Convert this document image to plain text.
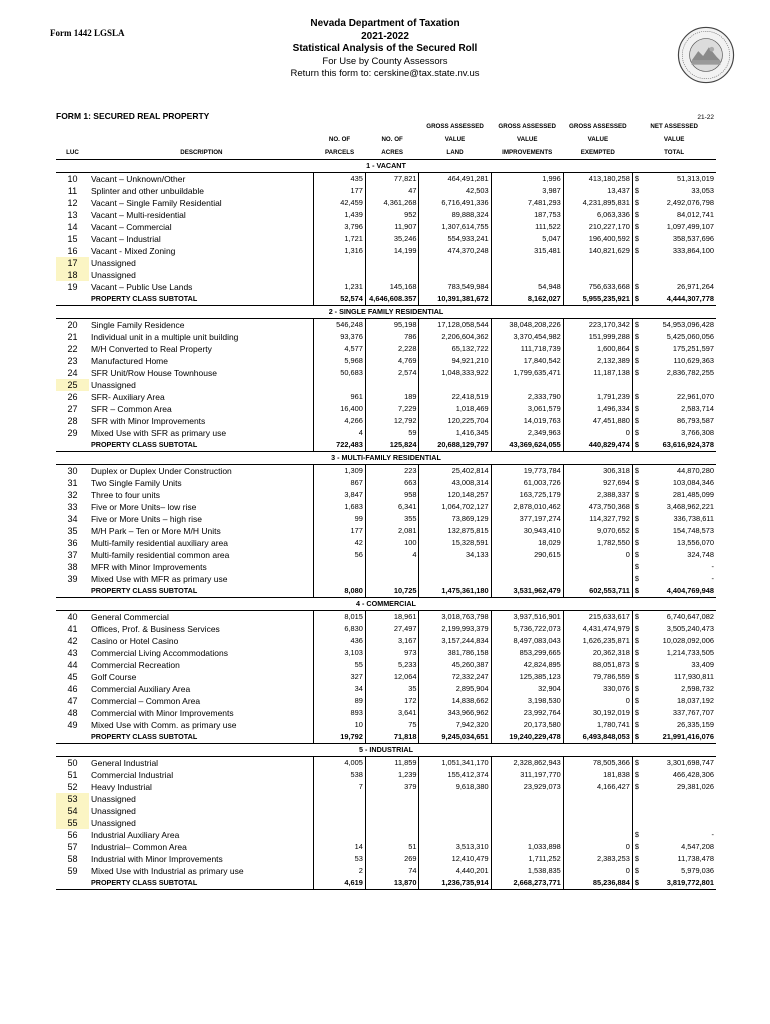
Form 1442 LGSLA
Nevada Department of Taxation
2021-2022
Statistical Analysis of the Secured Roll
For Use by County Assessors
Return this form to: cerskine@tax.state.nv.us
FORM 1: SECURED REAL PROPERTY	21-22
				GROSS ASSESSED	GROSS ASSESSED	GROSS ASSESSED	NET ASSESSED	
		NO. OF	NO. OF	VALUE	VALUE	VALUE	VALUE	
LUC	DESCRIPTION	PARCELS	ACRES	LAND	IMPROVEMENTS	EXEMPTED	TOTAL	
1 - VACANT								
10	Vacant – Unknown/Other	435	77,821	464,491,281	1,996	413,180,258	$	51,313,019
11	Splinter and other unbuildable	177	47	42,503	3,987	13,437	$	33,053
12	Vacant – Single Family Residential	42,459	4,361,268	6,716,491,336	7,481,293	4,231,895,831	$	2,492,076,798
13	Vacant – Multi-residential	1,439	952	89,888,324	187,753	6,063,336	$	84,012,741
14	Vacant – Commercial	3,796	11,907	1,307,614,755	111,522	210,227,170	$	1,097,499,107
15	Vacant – Industrial	1,721	35,246	554,933,241	5,047	196,400,592	$	358,537,696
16	Vacant - Mixed Zoning	1,316	14,199	474,370,248	315,481	140,821,629	$	333,864,100
17	Unassigned							
18	Unassigned							
19	Vacant – Public Use Lands	1,231	145,168	783,549,984	54,948	756,633,668	$	26,971,264
	PROPERTY CLASS SUBTOTAL	52,574	4,646,608.357	10,391,381,672	8,162,027	5,955,235,921	$	4,444,307,778
2 - SINGLE FAMILY RESIDENTIAL								
20	Single Family Residence	546,248	95,198	17,128,058,544	38,048,208,226	223,170,342	$	54,953,096,428
21	Individual unit in a multiple unit building	93,376	786	2,206,604,362	3,370,454,982	151,999,288	$	5,425,060,056
22	M/H Converted to Real Property	4,577	2,228	65,132,722	111,718,739	1,600,864	$	175,251,597
23	Manufactured Home	5,968	4,769	94,921,210	17,840,542	2,132,389	$	110,629,363
24	SFR Unit/Row House Townhouse	50,683	2,574	1,048,333,922	1,799,635,471	11,187,138	$	2,836,782,255
25	Unassigned							
26	SFR- Auxiliary Area	961	189	22,418,519	2,333,790	1,791,239	$	22,961,070
27	SFR – Common Area	16,400	7,229	1,018,469	3,061,579	1,496,334	$	2,583,714
28	SFR with Minor Improvements	4,266	12,792	120,225,704	14,019,763	47,451,880	$	86,793,587
29	Mixed Use with SFR as primary use	4	59	1,416,345	2,349,963	0	$	3,766,308
	PROPERTY CLASS SUBTOTAL	722,483	125,824	20,688,129,797	43,369,624,055	440,829,474	$	63,616,924,378
3 - MULTI-FAMILY RESIDENTIAL								
30	Duplex or Duplex Under Construction	1,309	223	25,402,814	19,773,784	306,318	$	44,870,280
31	Two Single Family Units	867	663	43,008,314	61,003,726	927,694	$	103,084,346
32	Three to four units	3,847	958	120,148,257	163,725,179	2,388,337	$	281,485,099
33	Five or More Units– low rise	1,683	6,341	1,064,702,127	2,878,010,462	473,750,368	$	3,468,962,221
34	Five or More Units – high rise	99	355	73,869,129	377,197,274	114,327,792	$	336,738,611
35	M/H Park – Ten or More M/H Units	177	2,081	132,875,815	30,943,410	9,070,652	$	154,748,573
36	Multi-family residential auxiliary area	42	100	15,328,591	18,029	1,782,550	$	13,556,070
37	Multi-family residential common area	56	4	34,133	290,615	0	$	324,748
38	MFR with Minor Improvements						$	-
39	Mixed Use with MFR as primary use						$	-
	PROPERTY CLASS SUBTOTAL	8,080	10,725	1,475,361,180	3,531,962,479	602,553,711	$	4,404,769,948
4 - COMMERCIAL								
40	General Commercial	8,015	18,961	3,018,763,798	3,937,516,901	215,633,617	$	6,740,647,082
41	Offices, Prof. & Business Services	6,830	27,497	2,199,993,379	5,736,722,073	4,431,474,979	$	3,505,240,473
42	Casino or Hotel Casino	436	3,167	3,157,244,834	8,497,083,043	1,626,235,871	$	10,028,092,006
43	Commercial Living Accommodations	3,103	973	381,786,158	853,299,665	20,362,318	$	1,214,733,505
44	Commercial Recreation	55	5,233	45,260,387	42,824,895	88,051,873	$	33,409
45	Golf Course	327	12,064	72,332,247	125,385,123	79,786,559	$	117,930,811
46	Commercial Auxiliary Area	34	35	2,895,904	32,904	330,076	$	2,598,732
47	Commercial – Common Area	89	172	14,838,662	3,198,530	0	$	18,037,192
48	Commercial with Minor Improvements	893	3,641	343,966,962	23,992,764	30,192,019	$	337,767,707
49	Mixed Use with Comm. as primary use	10	75	7,942,320	20,173,580	1,780,741	$	26,335,159
	PROPERTY CLASS SUBTOTAL	19,792	71,818	9,245,034,651	19,240,229,478	6,493,848,053	$	21,991,416,076
5 - INDUSTRIAL								
50	General Industrial	4,005	11,859	1,051,341,170	2,328,862,943	78,505,366	$	3,301,698,747
51	Commercial Industrial	538	1,239	155,412,374	311,197,770	181,838	$	466,428,306
52	Heavy Industrial	7	379	9,618,380	23,929,073	4,166,427	$	29,381,026
53	Unassigned							
54	Unassigned							
55	Unassigned							
56	Industrial Auxiliary Area						$	-
57	Industrial– Common Area	14	51	3,513,310	1,033,898	0	$	4,547,208
58	Industrial with Minor Improvements	53	269	12,410,479	1,711,252	2,383,253	$	11,738,478
59	Mixed Use with Industrial as primary use	2	74	4,440,201	1,538,835	0	$	5,979,036
	PROPERTY CLASS SUBTOTAL	4,619	13,870	1,236,735,914	2,668,273,771	85,236,884	$	3,819,772,801
